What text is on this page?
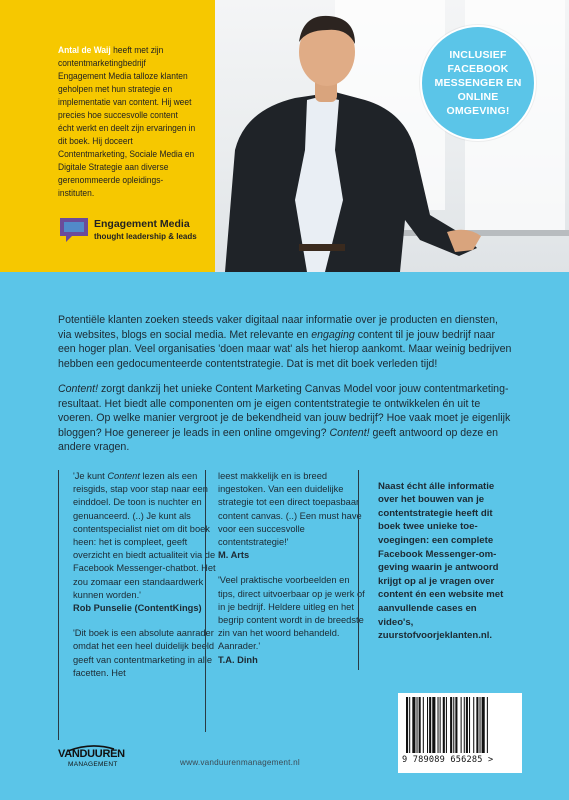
Antal de Waij heeft met zijn contentmarketingbedrijf Engagement Media talloze klanten geholpen met hun strategie en implementatie van content. Hij weet precies hoe succesvolle content écht werkt en deelt zijn ervaringen in dit boek. Hij doceert Contentmarketing, Sociale Media en Digitale Strategie aan diverse gerenommeerde opleidingsinstituten.
Engagement Media
thought leadership & leads
INCLUSIEF
FACEBOOK
MESSENGER EN
ONLINE
OMGEVING!

Potentiële klanten zoeken steeds vaker digitaal naar informatie over je producten en diensten, via websites, blogs en social media. Met relevante en engaging content til je jouw bedrijf naar een hoger plan. Veel organisaties 'doen maar wat' als het hierop aankomt. Maar weinig bedrijven hebben een gedocumenteerde contentstrategie. Dat is met dit boek verleden tijd!

Content! zorgt dankzij het unieke Content Marketing Canvas Model voor jouw contentmarketingresultaat. Het biedt alle componenten om je eigen contentstrategie te ontwikkelen én uit te voeren. Op welke manier vergroot je de bekendheid van jouw bedrijf? Hoe vaak moet je eigenlijk bloggen? Hoe genereer je leads in een online omgeving? Content! geeft antwoord op deze en andere vragen.

'Je kunt Content lezen als een reisgids, stap voor stap naar een einddoel. De toon is nuchter en genuanceerd. (..) Je kunt als contentspecialist niet om dit boek heen: het is compleet, geeft overzicht en biedt actualiteit via de Facebook Messenger-chatbot. Het zou zomaar een standaardwerk kunnen worden.'
Rob Punselie (ContentKings)

'Dit boek is een absolute aanrader omdat het een heel duidelijk beeld geeft van contentmarketing in alle facetten. Het

leest makkelijk en is breed ingestoken. Van een duidelijke strategie tot een direct toepasbaar content canvas. (..) Een must have voor een succesvolle contentstrategie!'
M. Arts

'Veel praktische voorbeelden en tips, direct uitvoerbaar op je werk of in je bedrijf. Heldere uitleg en het begrip content wordt in de breedste zin van het woord behandeld. Aanrader.'
T.A. Dinh

Naast écht álle informatie over het bouwen van je contentstrategie heeft dit boek twee unieke toevoegingen: een complete Facebook Messenger-omgeving waarin je antwoord krijgt op al je vragen over content én een website met aanvullende cases en video's, zuurstofvoorjeklanten.nl.

9 789089 656285 >
VANDUUREN
MANAGEMENT	www.vanduurenmanagement.nl
